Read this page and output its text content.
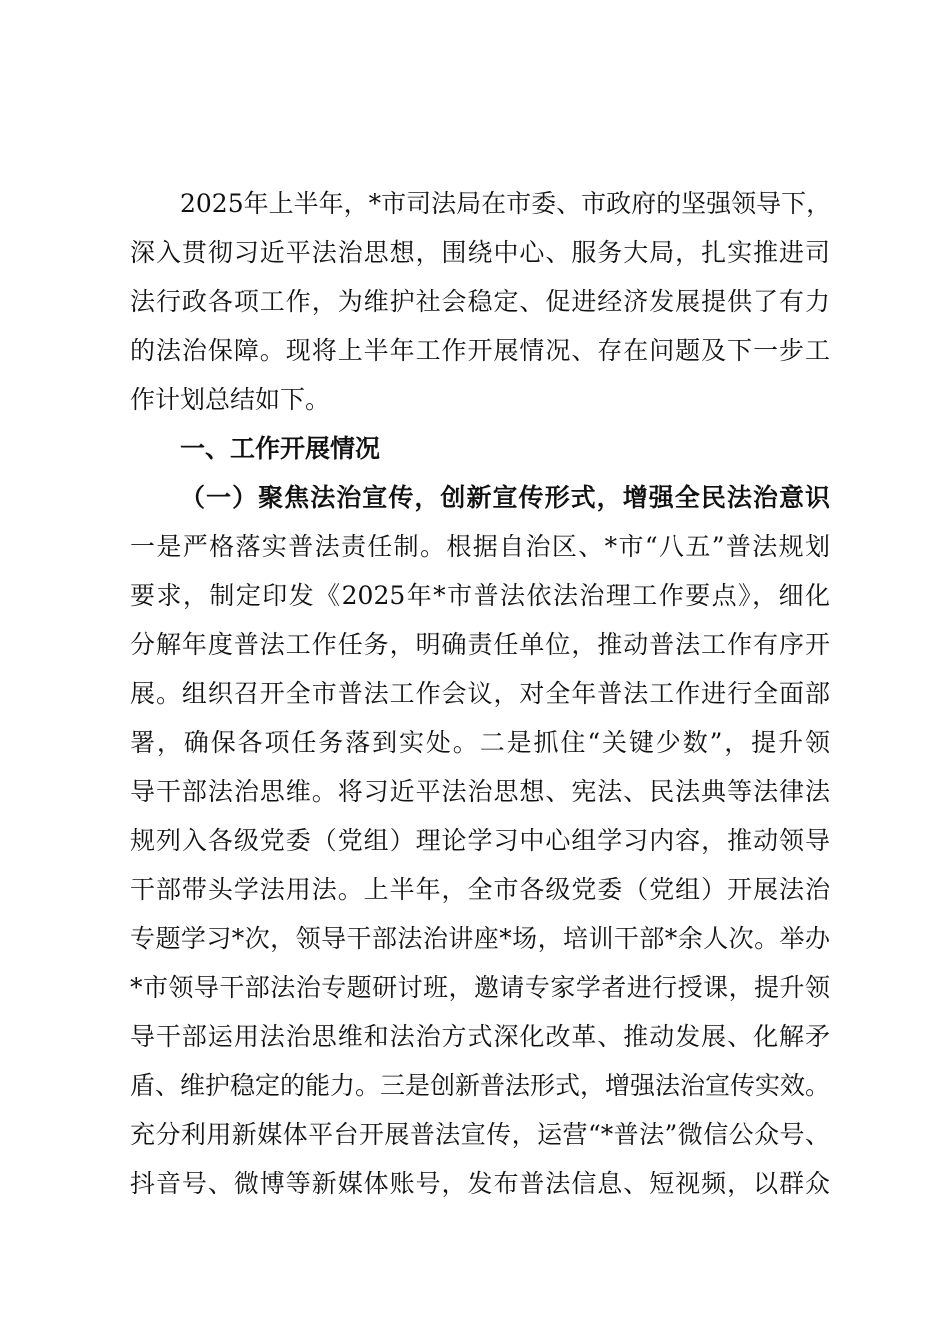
2025年上半年，*市司法局在市委、市政府的坚强领导下，
深入贯彻习近平法治思想，围绕中心、服务大局，扎实推进司
法行政各项工作，为维护社会稳定、促进经济发展提供了有力
的法治保障。现将上半年工作开展情况、存在问题及下一步工
作计划总结如下。
一、工作开展情况
（一）聚焦法治宣传，创新宣传形式，增强全民法治意识
一是严格落实普法责任制。根据自治区、*市“八五”普法规划
要求，制定印发《2025年*市普法依法治理工作要点》，细化
分解年度普法工作任务，明确责任单位，推动普法工作有序开
展。组织召开全市普法工作会议，对全年普法工作进行全面部
署，确保各项任务落到实处。二是抓住“关键少数”，提升领
导干部法治思维。将习近平法治思想、宪法、民法典等法律法
规列入各级党委（党组）理论学习中心组学习内容，推动领导
干部带头学法用法。上半年，全市各级党委（党组）开展法治
专题学习*次，领导干部法治讲座*场，培训干部*余人次。举办
*市领导干部法治专题研讨班，邀请专家学者进行授课，提升领
导干部运用法治思维和法治方式深化改革、推动发展、化解矛
盾、维护稳定的能力。三是创新普法形式，增强法治宣传实效。
充分利用新媒体平台开展普法宣传，运营“*普法”微信公众号、
抖音号、微博等新媒体账号，发布普法信息、短视频，以群众
